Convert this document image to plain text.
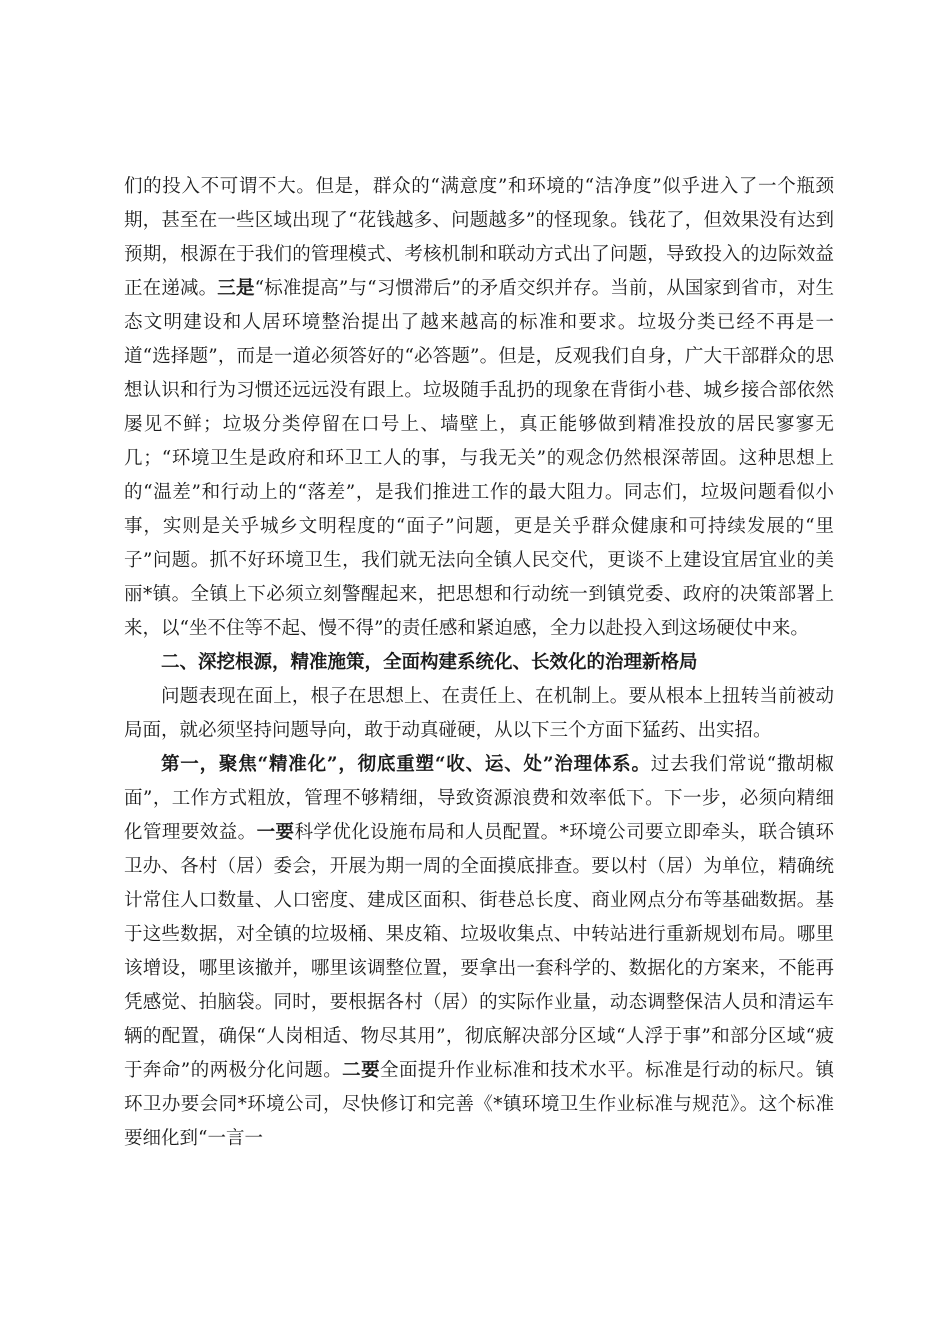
们的投入不可谓不大。但是，群众的“满意度”和环境的“洁净度”似乎进入了一个瓶颈期，甚至在一些区域出现了“花钱越多、问题越多”的怪现象。钱花了，但效果没有达到预期，根源在于我们的管理模式、考核机制和联动方式出了问题，导致投入的边际效益正在递减。三是“标准提高”与“习惯滞后”的矛盾交织并存。当前，从国家到省市，对生态文明建设和人居环境整治提出了越来越高的标准和要求。垃圾分类已经不再是一道“选择题”，而是一道必须答好的“必答题”。但是，反观我们自身，广大干部群众的思想认识和行为习惯还远远没有跟上。垃圾随手乱扔的现象在背街小巷、城乡接合部依然屡见不鲜；垃圾分类停留在口号上、墙壁上，真正能够做到精准投放的居民寥寥无几；“环境卫生是政府和环卫工人的事，与我无关”的观念仍然根深蒂固。这种思想上的“温差”和行动上的“落差”，是我们推进工作的最大阻力。同志们，垃圾问题看似小事，实则是关乎城乡文明程度的“面子”问题，更是关乎群众健康和可持续发展的“里子”问题。抓不好环境卫生，我们就无法向全镇人民交代，更谈不上建设宜居宜业的美丽*镇。全镇上下必须立刻警醒起来，把思想和行动统一到镇党委、政府的决策部署上来，以“坐不住等不起、慢不得”的责任感和紧迫感，全力以赴投入到这场硬仗中来。

二、深挖根源，精准施策，全面构建系统化、长效化的治理新格局

问题表现在面上，根子在思想上、在责任上、在机制上。要从根本上扭转当前被动局面，就必须坚持问题导向，敢于动真碰硬，从以下三个方面下猛药、出实招。

第一，聚焦“精准化”，彻底重塑“收、运、处”治理体系。过去我们常说“撒胡椒面”，工作方式粗放，管理不够精细，导致资源浪费和效率低下。下一步，必须向精细化管理要效益。一要科学优化设施布局和人员配置。*环境公司要立即牵头，联合镇环卫办、各村（居）委会，开展为期一周的全面摸底排查。要以村（居）为单位，精确统计常住人口数量、人口密度、建成区面积、街巷总长度、商业网点分布等基础数据。基于这些数据，对全镇的垃圾桶、果皮箱、垃圾收集点、中转站进行重新规划布局。哪里该增设，哪里该撤并，哪里该调整位置，要拿出一套科学的、数据化的方案来，不能再凭感觉、拍脑袋。同时，要根据各村（居）的实际作业量，动态调整保洁人员和清运车辆的配置，确保“人岗相适、物尽其用”，彻底解决部分区域“人浮于事”和部分区域“疲于奔命”的两极分化问题。二要全面提升作业标准和技术水平。标准是行动的标尺。镇环卫办要会同*环境公司，尽快修订和完善《*镇环境卫生作业标准与规范》。这个标准要细化到“一言一
